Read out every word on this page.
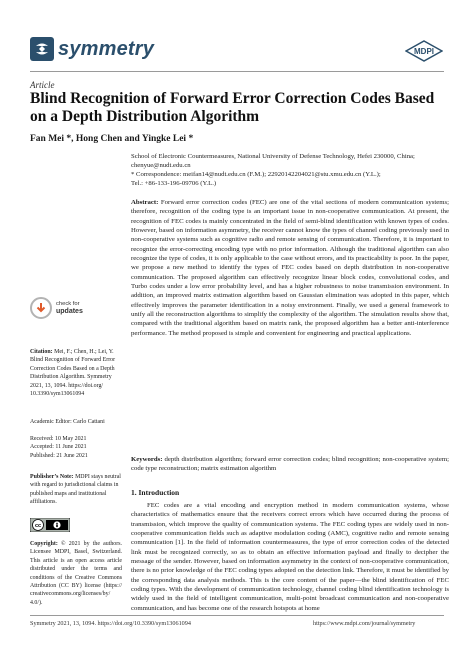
symmetry	MDPI
Article
Blind Recognition of Forward Error Correction Codes Based on a Depth Distribution Algorithm
Fan Mei *, Hong Chen and Yingke Lei *
School of Electronic Countermeasures, National University of Defense Technology, Hefei 230000, China;
chenyue@nudt.edu.cn
* Correspondence: meifan14@nudt.edu.cn (F.M.); 22920142204021@stu.xmu.edu.cn (Y.L.);
Tel.: +86-133-196-09706 (Y.L.)
Abstract: Forward error correction codes (FEC) are one of the vital sections of modern communication systems; therefore, recognition of the coding type is an important issue in non-cooperative communication. At present, the recognition of FEC codes is mainly concentrated in the field of semi-blind identification with known types of codes. However, based on information asymmetry, the receiver cannot know the types of channel coding previously used in non-cooperative systems such as cognitive radio and remote sensing of communication. Therefore, it is important to recognize the error-correcting encoding type with no prior information. Although the traditional algorithm can also recognize the type of codes, it is only applicable to the case without errors, and its practicability is poor. In the paper, we propose a new method to identify the types of FEC codes based on depth distribution in non-cooperative communication. The proposed algorithm can effectively recognize linear block codes, convolutional codes, and Turbo codes under a low error probability level, and has a higher robustness to noise transmission environment. In addition, an improved matrix estimation algorithm based on Gaussian elimination was adopted in this paper, which effectively improves the parameter identification in a noisy environment. Finally, we used a general framework to unify all the reconstruction algorithms to simplify the complexity of the algorithm. The simulation results show that, compared with the traditional algorithm based on matrix rank, the proposed algorithm has a better anti-interference performance. The method proposed is simple and convenient for engineering and practical applications.
Keywords: depth distribution algorithm; forward error correction codes; blind recognition; non-cooperative system; code type reconstruction; matrix estimation algorithm
1. Introduction
FEC codes are a vital encoding and encryption method in modern communication systems, whose characteristics of mathematics ensure that the receivers correct errors which have occurred during the process of transmission, which improve the quality of communication systems. The FEC coding types are widely used in non-cooperative communication fields such as adaptive modulation coding (AMC), cognitive radio and remote sensing communication [1]. In the field of information countermeasures, the type of error correction codes of the detected link must be recognized correctly, so as to obtain an effective information payload and finally to decipher the message of the sender. However, based on information asymmetry in the context of non-cooperative communication, there is no prior knowledge of the FEC coding types adopted on the detection link. Therefore, it must be identified by the corresponding data analysis methods. This is the core content of the paper—the blind identification of FEC coding types. With the development of communication technology, channel coding blind identification technology is widely used in the field of intelligent communication, multi-point broadcast communication and non-cooperative communication, and has become one of the research hotspots at home
check for
updates
Citation: Mei, F.; Chen, H.; Lei, Y. Blind Recognition of Forward Error Correction Codes Based on a Depth Distribution Algorithm. Symmetry 2021, 13, 1094. https://doi.org/ 10.3390/sym13061094
Academic Editor: Carlo Cattani
Received: 10 May 2021
Accepted: 11 June 2021
Published: 21 June 2021
Publisher’s Note: MDPI stays neutral with regard to jurisdictional claims in published maps and institutional affiliations.
cc
Copyright: © 2021 by the authors. Licensee MDPI, Basel, Switzerland. This article is an open access article distributed under the terms and conditions of the Creative Commons Attribution (CC BY) license (https:// creativecommons.org/licenses/by/ 4.0/).
Symmetry 2021, 13, 1094. https://doi.org/10.3390/sym13061094	https://www.mdpi.com/journal/symmetry
